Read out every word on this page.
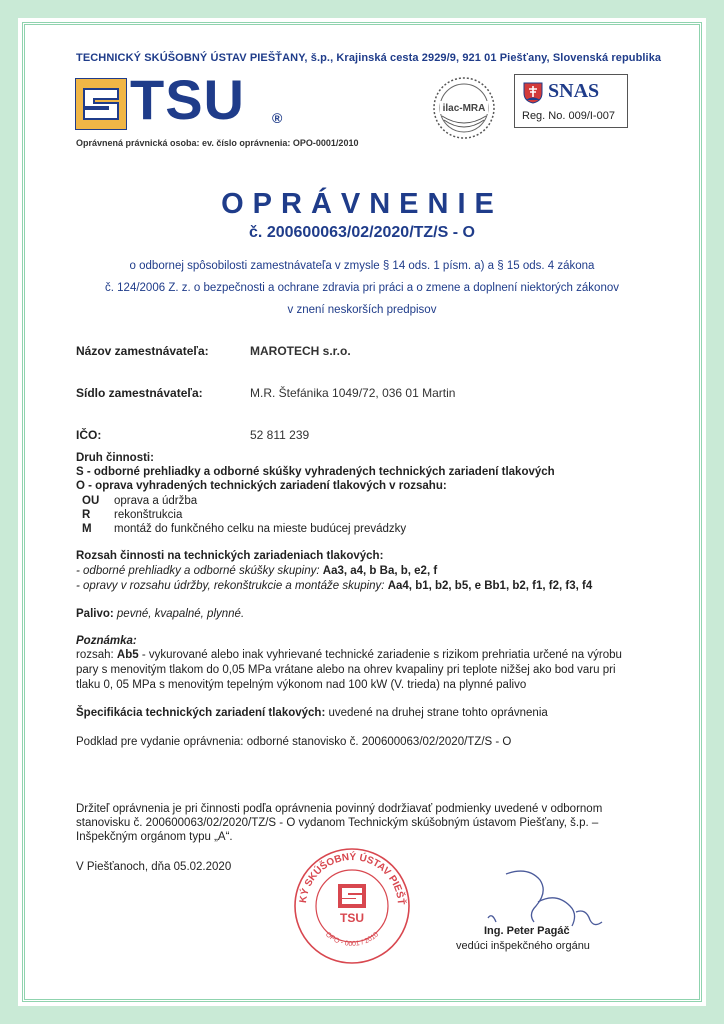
TECHNICKÝ SKÚŠOBNÝ ÚSTAV PIEŠŤANY, š.p., Krajinská cesta 2929/9, 921 01 Piešťany, Slovenská republika
TSU ®
Oprávnená právnická osoba: ev. číslo oprávnenia: OPO-0001/2010
ilac-MRA
SNAS
Reg. No. 009/I-007
OPRÁVNENIE
č. 200600063/02/2020/TZ/S - O
o odbornej spôsobilosti zamestnávateľa v zmysle § 14 ods. 1 písm. a) a § 15 ods. 4 zákona
č. 124/2006 Z. z. o bezpečnosti a ochrane zdravia pri práci a o zmene a doplnení niektorých zákonov
v znení neskorších predpisov
Názov zamestnávateľa:	MAROTECH s.r.o.
Sídlo zamestnávateľa:	M.R. Štefánika 1049/72, 036 01 Martin
IČO:	52 811 239
Druh činnosti:
S - odborné prehliadky a odborné skúšky vyhradených technických zariadení tlakových
O - oprava vyhradených technických zariadení tlakových v rozsahu:
OU oprava a údržba
R rekonštrukcia
M montáž do funkčného celku na mieste budúcej prevádzky
Rozsah činnosti na technických zariadeniach tlakových:
- odborné prehliadky a odborné skúšky skupiny: Aa3, a4, b Ba, b, e2, f
- opravy v rozsahu údržby, rekonštrukcie a montáže skupiny: Aa4, b1, b2, b5, e Bb1, b2, f1, f2, f3, f4
Palivo: pevné, kvapalné, plynné.
Poznámka:
rozsah: Ab5 - vykurované alebo inak vyhrievané technické zariadenie s rizikom prehriatia určené na výrobu
pary s menovitým tlakom do 0,05 MPa vrátane alebo na ohrev kvapaliny pri teplote nižšej ako bod varu pri
tlaku 0, 05 MPa s menovitým tepelným výkonom nad 100 kW (V. trieda) na plynné palivo
Špecifikácia technických zariadení tlakových: uvedené na druhej strane tohto oprávnenia
Podklad pre vydanie oprávnenia: odborné stanovisko č. 200600063/02/2020/TZ/S - O
Držiteľ oprávnenia je pri činnosti podľa oprávnenia povinný dodržiavať podmienky uvedené v odbornom
stanovisku č. 200600063/02/2020/TZ/S - O vydanom Technickým skúšobným ústavom Piešťany, š.p. –
Inšpekčným orgánom typu „A“.
V Piešťanoch, dňa 05.02.2020
KÝ SKÚŠOBNÝ ÚSTAV PIEŠŤ
TSU
OPO - 0001 / 2010	Ing. Peter Pagáč
vedúci inšpekčného orgánu
